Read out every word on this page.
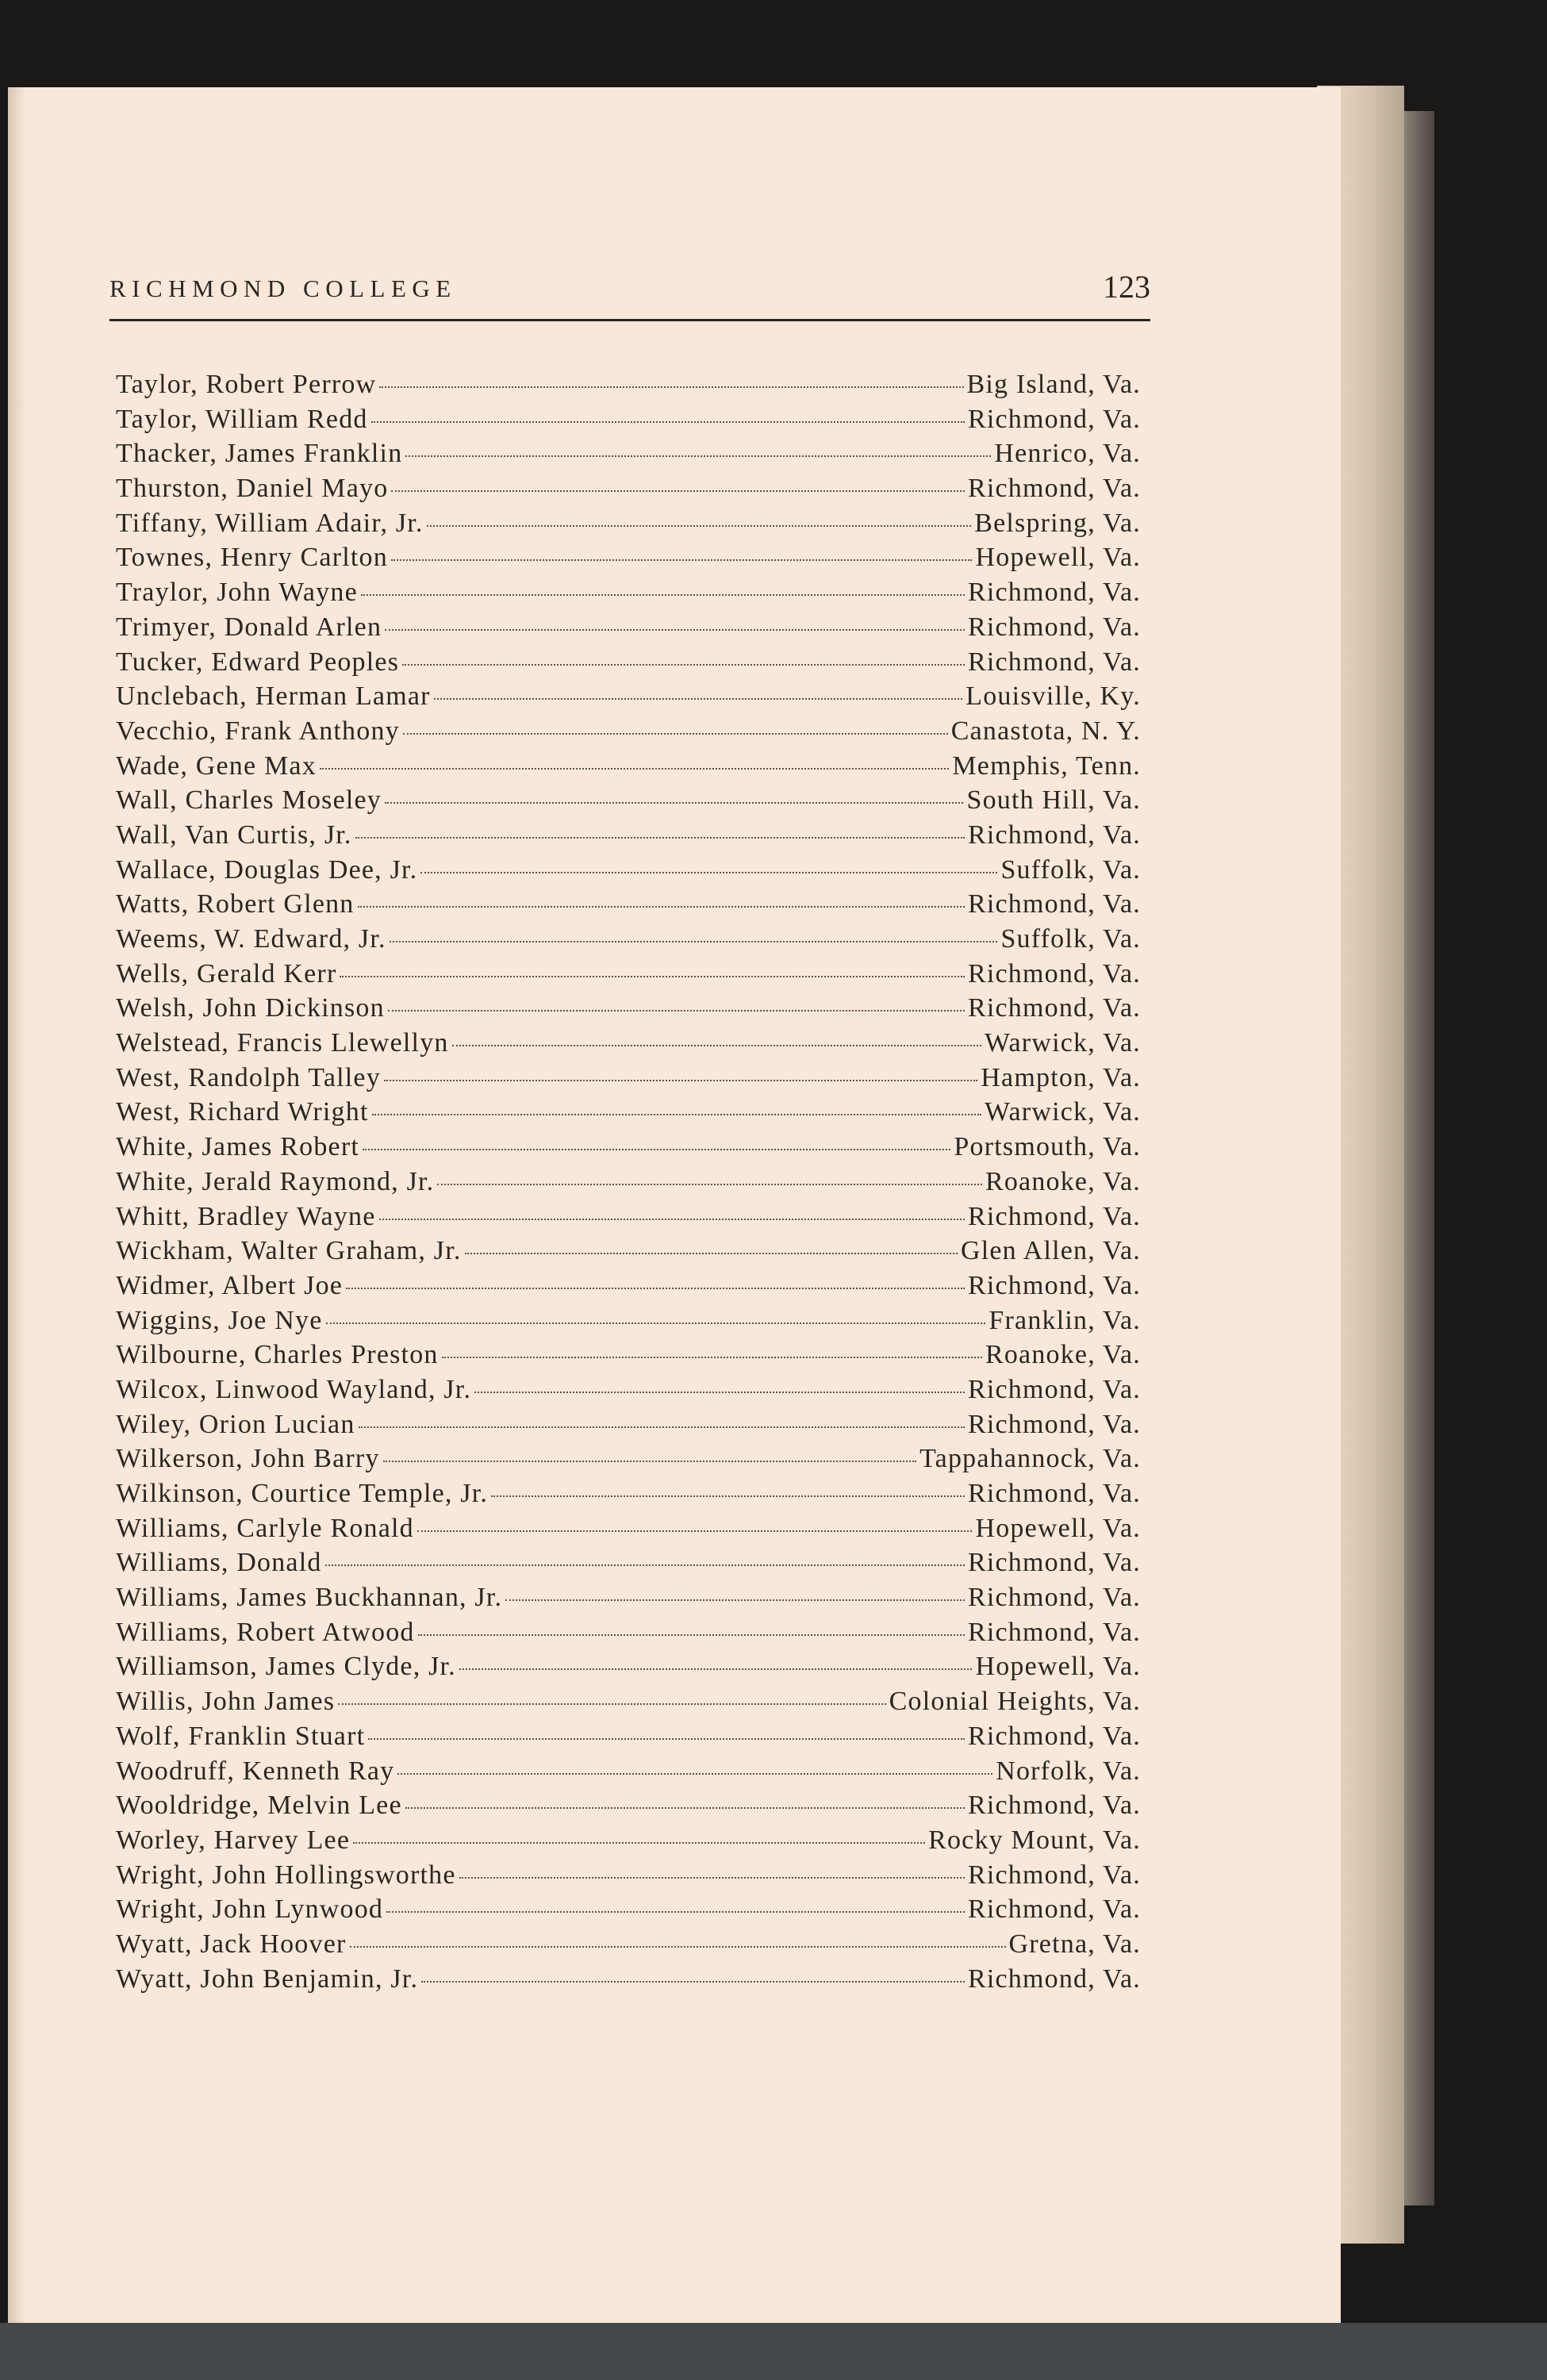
RICHMOND COLLEGE	123
Taylor, Robert Perrow	Big Island, Va.
Taylor, William Redd	Richmond, Va.
Thacker, James Franklin	Henrico, Va.
Thurston, Daniel Mayo	Richmond, Va.
Tiffany, William Adair, Jr.	Belspring, Va.
Townes, Henry Carlton	Hopewell, Va.
Traylor, John Wayne	Richmond, Va.
Trimyer, Donald Arlen	Richmond, Va.
Tucker, Edward Peoples	Richmond, Va.
Unclebach, Herman Lamar	Louisville, Ky.
Vecchio, Frank Anthony	Canastota, N. Y.
Wade, Gene Max	Memphis, Tenn.
Wall, Charles Moseley	South Hill, Va.
Wall, Van Curtis, Jr.	Richmond, Va.
Wallace, Douglas Dee, Jr.	Suffolk, Va.
Watts, Robert Glenn	Richmond, Va.
Weems, W. Edward, Jr.	Suffolk, Va.
Wells, Gerald Kerr	Richmond, Va.
Welsh, John Dickinson	Richmond, Va.
Welstead, Francis Llewellyn	Warwick, Va.
West, Randolph Talley	Hampton, Va.
West, Richard Wright	Warwick, Va.
White, James Robert	Portsmouth, Va.
White, Jerald Raymond, Jr.	Roanoke, Va.
Whitt, Bradley Wayne	Richmond, Va.
Wickham, Walter Graham, Jr.	Glen Allen, Va.
Widmer, Albert Joe	Richmond, Va.
Wiggins, Joe Nye	Franklin, Va.
Wilbourne, Charles Preston	Roanoke, Va.
Wilcox, Linwood Wayland, Jr.	Richmond, Va.
Wiley, Orion Lucian	Richmond, Va.
Wilkerson, John Barry	Tappahannock, Va.
Wilkinson, Courtice Temple, Jr.	Richmond, Va.
Williams, Carlyle Ronald	Hopewell, Va.
Williams, Donald	Richmond, Va.
Williams, James Buckhannan, Jr.	Richmond, Va.
Williams, Robert Atwood	Richmond, Va.
Williamson, James Clyde, Jr.	Hopewell, Va.
Willis, John James	Colonial Heights, Va.
Wolf, Franklin Stuart	Richmond, Va.
Woodruff, Kenneth Ray	Norfolk, Va.
Wooldridge, Melvin Lee	Richmond, Va.
Worley, Harvey Lee	Rocky Mount, Va.
Wright, John Hollingsworthe	Richmond, Va.
Wright, John Lynwood	Richmond, Va.
Wyatt, Jack Hoover	Gretna, Va.
Wyatt, John Benjamin, Jr.	Richmond, Va.
